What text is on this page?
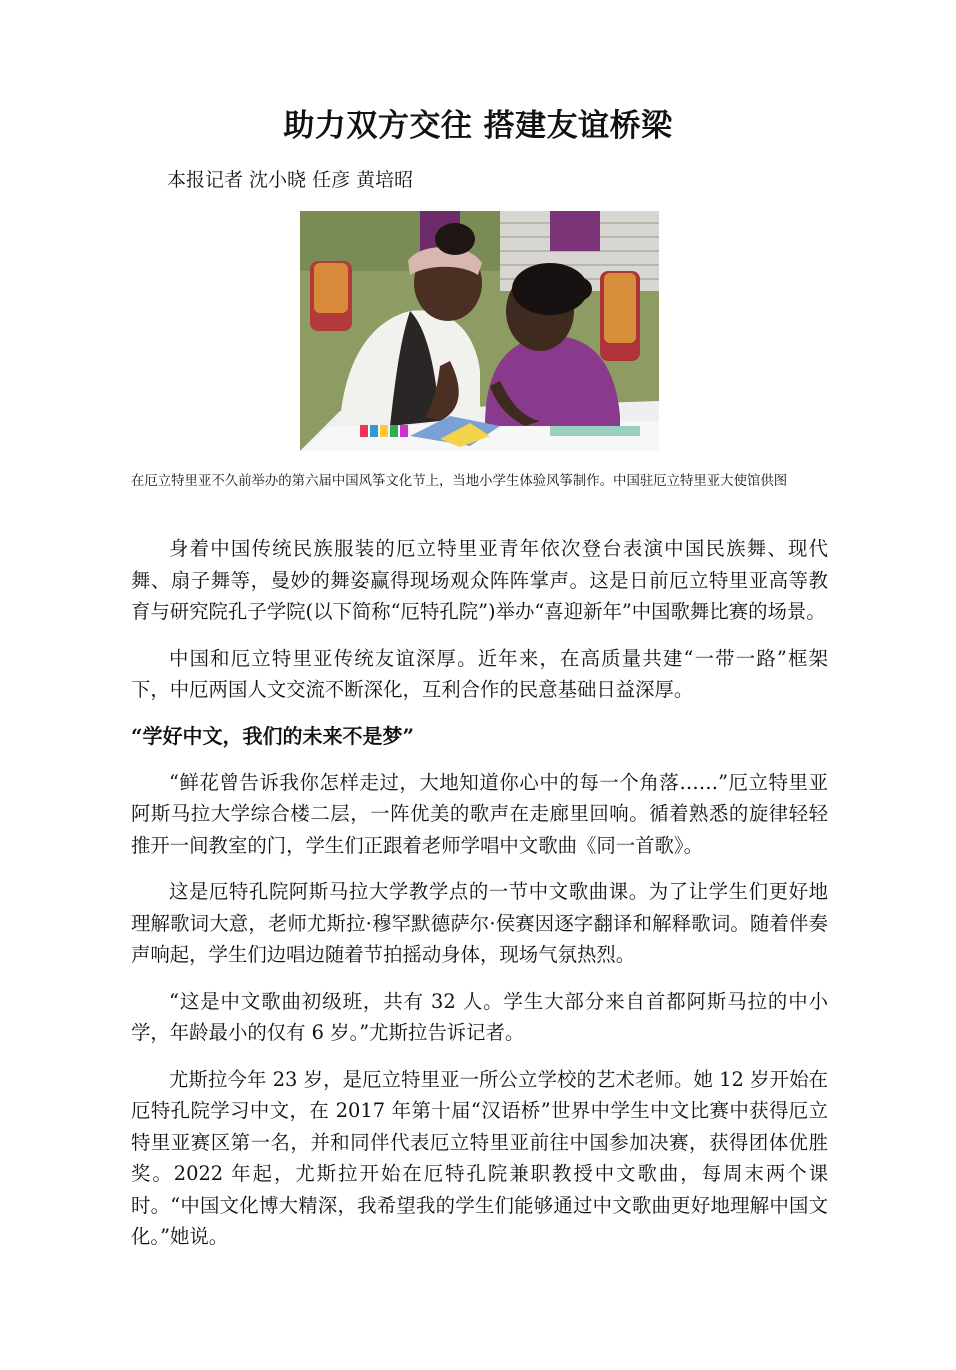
助力双方交往 搭建友谊桥梁
本报记者 沈小晓 任彦 黄培昭
在厄立特里亚不久前举办的第六届中国风筝文化节上，当地小学生体验风筝制作。中国驻厄立特里亚大使馆供图

身着中国传统民族服装的厄立特里亚青年依次登台表演中国民族舞、现代舞、扇子舞等，曼妙的舞姿赢得现场观众阵阵掌声。这是日前厄立特里亚高等教育与研究院孔子学院(以下简称“厄特孔院”)举办“喜迎新年”中国歌舞比赛的场景。

中国和厄立特里亚传统友谊深厚。近年来，在高质量共建“一带一路”框架下，中厄两国人文交流不断深化，互利合作的民意基础日益深厚。

“学好中文，我们的未来不是梦”

“鲜花曾告诉我你怎样走过，大地知道你心中的每一个角落……”厄立特里亚阿斯马拉大学综合楼二层，一阵优美的歌声在走廊里回响。循着熟悉的旋律轻轻推开一间教室的门，学生们正跟着老师学唱中文歌曲《同一首歌》。

这是厄特孔院阿斯马拉大学教学点的一节中文歌曲课。为了让学生们更好地理解歌词大意，老师尤斯拉·穆罕默德萨尔·侯赛因逐字翻译和解释歌词。随着伴奏声响起，学生们边唱边随着节拍摇动身体，现场气氛热烈。

“这是中文歌曲初级班，共有 32 人。学生大部分来自首都阿斯马拉的中小学，年龄最小的仅有 6 岁。”尤斯拉告诉记者。

尤斯拉今年 23 岁，是厄立特里亚一所公立学校的艺术老师。她 12 岁开始在厄特孔院学习中文，在 2017 年第十届“汉语桥”世界中学生中文比赛中获得厄立特里亚赛区第一名，并和同伴代表厄立特里亚前往中国参加决赛，获得团体优胜奖。2022 年起，尤斯拉开始在厄特孔院兼职教授中文歌曲，每周末两个课时。“中国文化博大精深，我希望我的学生们能够通过中文歌曲更好地理解中国文化。”她说。
